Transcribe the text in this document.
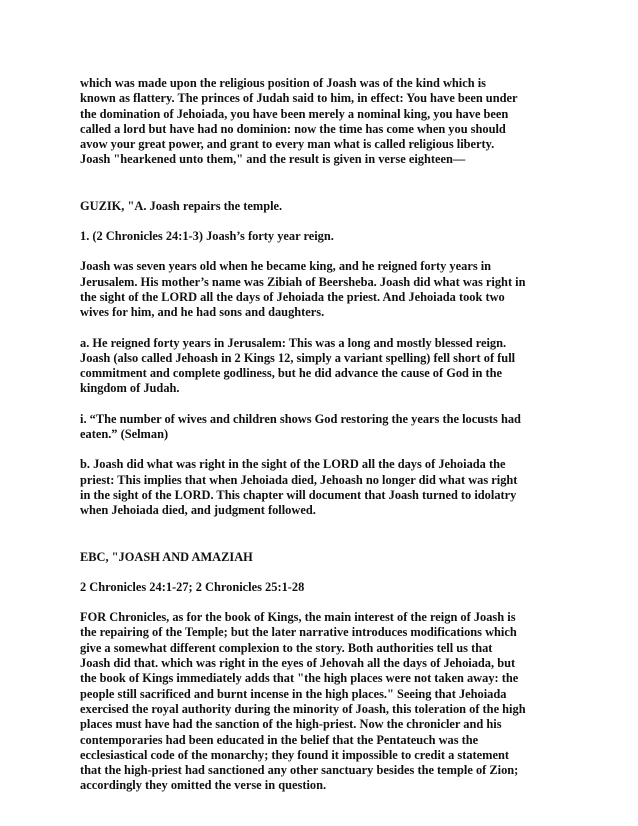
which was made upon the religious position of Joash was of the kind which is
known as flattery. The princes of Judah said to him, in effect: You have been under
the domination of Jehoiada, you have been merely a nominal king, you have been
called a lord but have had no dominion: now the time has come when you should
avow your great power, and grant to every man what is called religious liberty.
Joash "hearkened unto them," and the result is given in verse eighteen—

GUZIK, "A. Joash repairs the temple.

1. (2 Chronicles 24:1-3) Joash’s forty year reign.

Joash was seven years old when he became king, and he reigned forty years in
Jerusalem. His mother’s name was Zibiah of Beersheba. Joash did what was right in
the sight of the LORD all the days of Jehoiada the priest. And Jehoiada took two
wives for him, and he had sons and daughters.

a. He reigned forty years in Jerusalem: This was a long and mostly blessed reign.
Joash (also called Jehoash in 2 Kings 12, simply a variant spelling) fell short of full
commitment and complete godliness, but he did advance the cause of God in the
kingdom of Judah.

i. “The number of wives and children shows God restoring the years the locusts had
eaten.” (Selman)

b. Joash did what was right in the sight of the LORD all the days of Jehoiada the
priest: This implies that when Jehoiada died, Jehoash no longer did what was right
in the sight of the LORD. This chapter will document that Joash turned to idolatry
when Jehoiada died, and judgment followed.

EBC, "JOASH AND AMAZIAH

2 Chronicles 24:1-27; 2 Chronicles 25:1-28

FOR Chronicles, as for the book of Kings, the main interest of the reign of Joash is
the repairing of the Temple; but the later narrative introduces modifications which
give a somewhat different complexion to the story. Both authorities tell us that
Joash did that. which was right in the eyes of Jehovah all the days of Jehoiada, but
the book of Kings immediately adds that "the high places were not taken away: the
people still sacrificed and burnt incense in the high places." Seeing that Jehoiada
exercised the royal authority during the minority of Joash, this toleration of the high
places must have had the sanction of the high-priest. Now the chronicler and his
contemporaries had been educated in the belief that the Pentateuch was the
ecclesiastical code of the monarchy; they found it impossible to credit a statement
that the high-priest had sanctioned any other sanctuary besides the temple of Zion;
accordingly they omitted the verse in question.
